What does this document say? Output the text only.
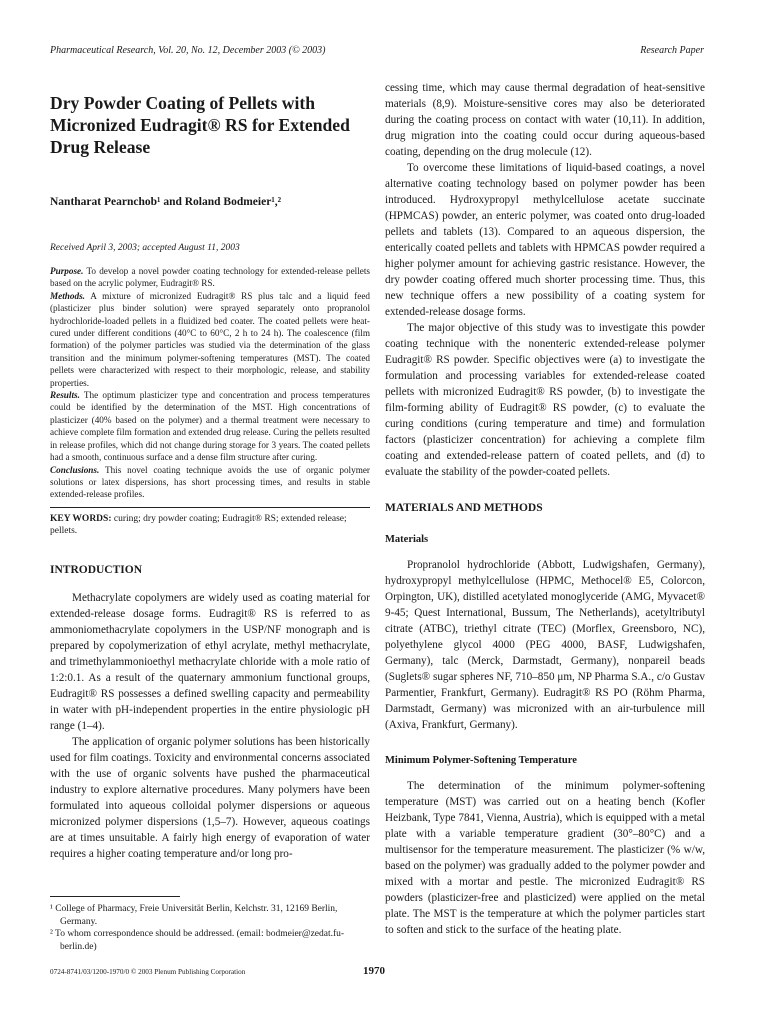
Pharmaceutical Research, Vol. 20, No. 12, December 2003 (© 2003)	Research Paper
Dry Powder Coating of Pellets with Micronized Eudragit® RS for Extended Drug Release
Nantharat Pearnchob¹ and Roland Bodmeier¹,²
Received April 3, 2003; accepted August 11, 2003

Purpose. To develop a novel powder coating technology for extended-release pellets based on the acrylic polymer, Eudragit® RS.

Methods. A mixture of micronized Eudragit® RS plus talc and a liquid feed (plasticizer plus binder solution) were sprayed separately onto propranolol hydrochloride-loaded pellets in a fluidized bed coater. The coated pellets were heat-cured under different conditions (40°C to 60°C, 2 h to 24 h). The coalescence (film formation) of the polymer particles was studied via the determination of the glass transition and the minimum polymer-softening temperatures (MST). The coated pellets were characterized with respect to their morphologic, release, and stability properties.

Results. The optimum plasticizer type and concentration and process temperatures could be identified by the determination of the MST. High concentrations of plasticizer (40% based on the polymer) and a thermal treatment were necessary to achieve complete film formation and extended drug release. Curing the pellets resulted in release profiles, which did not change during storage for 3 years. The coated pellets had a smooth, continuous surface and a dense film structure after curing.

Conclusions. This novel coating technique avoids the use of organic polymer solutions or latex dispersions, has short processing times, and results in stable extended-release profiles.

KEY WORDS: curing; dry powder coating; Eudragit® RS; extended release; pellets.
INTRODUCTION

Methacrylate copolymers are widely used as coating material for extended-release dosage forms. Eudragit® RS is referred to as ammoniomethacrylate copolymers in the USP/NF monograph and is prepared by copolymerization of ethyl acrylate, methyl methacrylate, and trimethylammonioethyl methacrylate chloride with a mole ratio of 1:2:0.1. As a result of the quaternary ammonium functional groups, Eudragit® RS possesses a defined swelling capacity and permeability in water with pH-independent properties in the entire physiologic pH range (1–4).

The application of organic polymer solutions has been historically used for film coatings. Toxicity and environmental concerns associated with the use of organic solvents have pushed the pharmaceutical industry to explore alternative procedures. Many polymers have been formulated into aqueous colloidal polymer dispersions or aqueous micronized polymer dispersions (1,5–7). However, aqueous coatings are at times unsuitable. A fairly high energy of evaporation of water requires a higher coating temperature and/or long pro-

cessing time, which may cause thermal degradation of heat-sensitive materials (8,9). Moisture-sensitive cores may also be deteriorated during the coating process on contact with water (10,11). In addition, drug migration into the coating could occur during aqueous-based coating, depending on the drug molecule (12).

To overcome these limitations of liquid-based coatings, a novel alternative coating technology based on polymer powder has been introduced. Hydroxypropyl methylcellulose acetate succinate (HPMCAS) powder, an enteric polymer, was coated onto drug-loaded pellets and tablets (13). Compared to an aqueous dispersion, the enterically coated pellets and tablets with HPMCAS powder required a higher polymer amount for achieving gastric resistance. However, the dry powder coating offered much shorter processing time. Thus, this new technique offers a new possibility of a coating system for extended-release dosage forms.

The major objective of this study was to investigate this powder coating technique with the nonenteric extended-release polymer Eudragit® RS powder. Specific objectives were (a) to investigate the formulation and processing variables for extended-release coated pellets with micronized Eudragit® RS powder, (b) to investigate the film-forming ability of Eudragit® RS powder, (c) to evaluate the curing conditions (curing temperature and time) and formulation factors (plasticizer concentration) for achieving a complete film coating and extended-release pattern of coated pellets, and (d) to evaluate the stability of the powder-coated pellets.

MATERIALS AND METHODS
Materials

Propranolol hydrochloride (Abbott, Ludwigshafen, Germany), hydroxypropyl methylcellulose (HPMC, Methocel® E5, Colorcon, Orpington, UK), distilled acetylated monoglyceride (AMG, Myvacet® 9-45; Quest International, Bussum, The Netherlands), acetyltributyl citrate (ATBC), triethyl citrate (TEC) (Morflex, Greensboro, NC), polyethylene glycol 4000 (PEG 4000, BASF, Ludwigshafen, Germany), talc (Merck, Darmstadt, Germany), nonpareil beads (Suglets® sugar spheres NF, 710–850 μm, NP Pharma S.A., c/o Gustav Parmentier, Frankfurt, Germany). Eudragit® RS PO (Röhm Pharma, Darmstadt, Germany) was micronized with an air-turbulence mill (Axiva, Frankfurt, Germany).

Minimum Polymer-Softening Temperature

The determination of the minimum polymer-softening temperature (MST) was carried out on a heating bench (Kofler Heizbank, Type 7841, Vienna, Austria), which is equipped with a metal plate with a variable temperature gradient (30°–80°C) and a multisensor for the temperature measurement. The plasticizer (% w/w, based on the polymer) was gradually added to the polymer powder and mixed with a mortar and pestle. The micronized Eudragit® RS powders (plasticizer-free and plasticized) were applied on the metal plate. The MST is the temperature at which the polymer particles start to soften and stick to the surface of the heating plate.

¹ College of Pharmacy, Freie Universität Berlin, Kelchstr. 31, 12169 Berlin, Germany.

² To whom correspondence should be addressed. (email: bodmeier@zedat.fu-berlin.de)

0724-8741/03/1200-1970/0 © 2003 Plenum Publishing Corporation	1970
